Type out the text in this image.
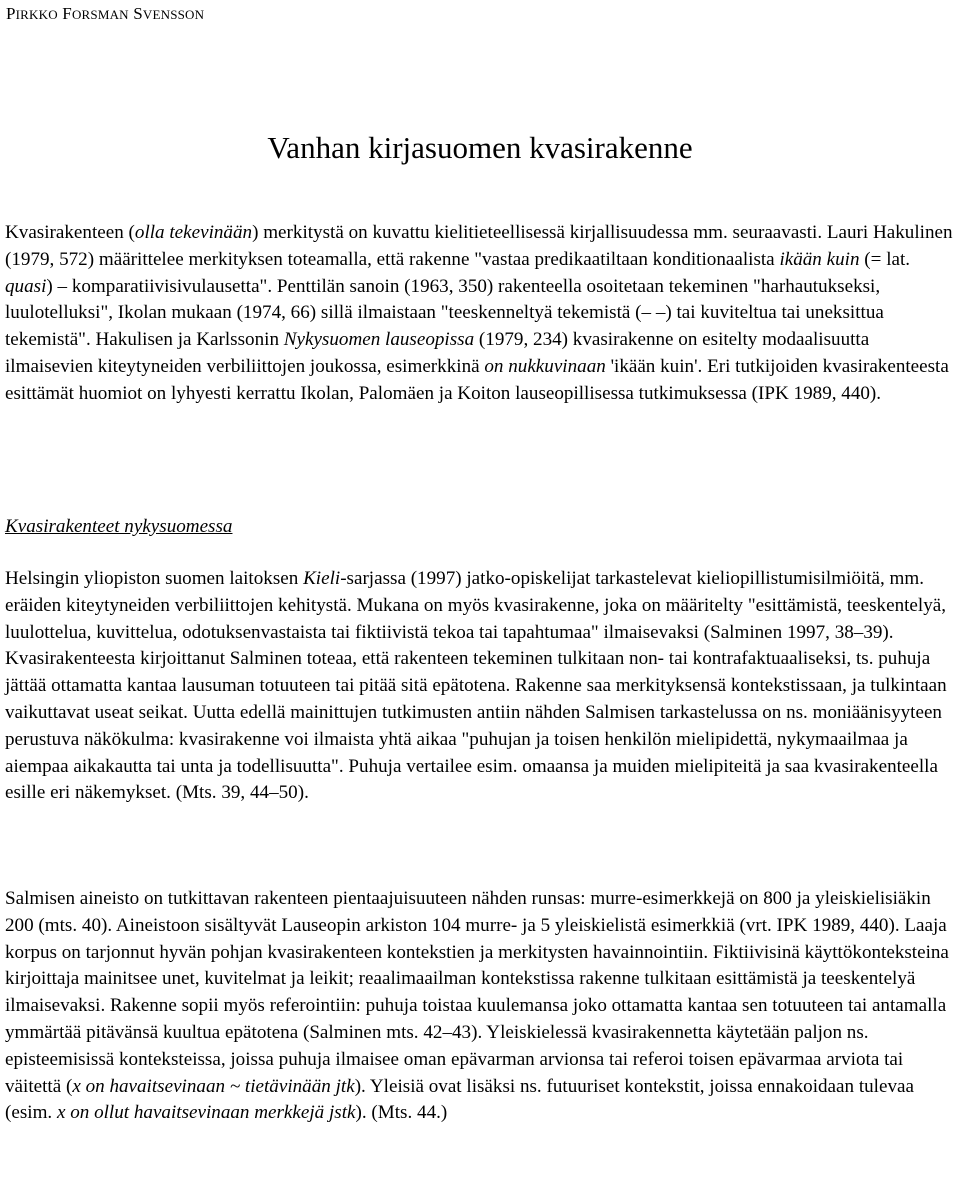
PIRKKO FORSMAN SVENSSON
Vanhan kirjasuomen kvasirakenne

Kvasirakenteen (olla tekevinään) merkitystä on kuvattu kielitieteellisessä kirjallisuudessa mm. seuraavasti. Lauri Hakulinen (1979, 572) määrittelee merkityksen toteamalla, että rakenne "vastaa predikaatiltaan konditionaalista ikään kuin (= lat. quasi) – komparatiivisivulausetta". Penttilän sanoin (1963, 350) rakenteella osoitetaan tekeminen "harhautukseksi, luulotelluksi", Ikolan mukaan (1974, 66) sillä ilmaistaan "teeskenneltyä tekemistä (– –) tai kuviteltua tai uneksittua tekemistä". Hakulisen ja Karlssonin Nykysuomen lauseopissa (1979, 234) kvasirakenne on esitelty modaalisuutta ilmaisevien kiteytyneiden verbiliittojen joukossa, esimerkkinä on nukkuvinaan 'ikään kuin'. Eri tutkijoiden kvasirakenteesta esittämät huomiot on lyhyesti kerrattu Ikolan, Palomäen ja Koiton lauseopillisessa tutkimuksessa (IPK 1989, 440).

Kvasirakenteet nykysuomessa

Helsingin yliopiston suomen laitoksen Kieli-sarjassa (1997) jatko-opiskelijat tarkastelevat kieliopillistumisilmiöitä, mm. eräiden kiteytyneiden verbiliittojen kehitystä. Mukana on myös kvasirakenne, joka on määritelty "esittämistä, teeskentelyä, luulottelua, kuvittelua, odotuksenvastaista tai fiktiivistä tekoa tai tapahtumaa" ilmaisevaksi (Salminen 1997, 38–39). Kvasirakenteesta kirjoittanut Salminen toteaa, että rakenteen tekeminen tulkitaan non- tai kontrafaktuaaliseksi, ts. puhuja jättää ottamatta kantaa lausuman totuuteen tai pitää sitä epätotena. Rakenne saa merkityksensä kontekstissaan, ja tulkintaan vaikuttavat useat seikat. Uutta edellä mainittujen tutkimusten antiin nähden Salmisen tarkastelussa on ns. moniäänisyyteen perustuva näkökulma: kvasirakenne voi ilmaista yhtä aikaa "puhujan ja toisen henkilön mielipidettä, nykymaailmaa ja aiempaa aikakautta tai unta ja todellisuutta". Puhuja vertailee esim. omaansa ja muiden mielipiteitä ja saa kvasirakenteella esille eri näkemykset. (Mts. 39, 44–50).

Salmisen aineisto on tutkittavan rakenteen pientaajuisuuteen nähden runsas: murre-esimerkkejä on 800 ja yleiskielisiäkin 200 (mts. 40). Aineistoon sisältyvät Lauseopin arkiston 104 murre- ja 5 yleiskielistä esimerkkiä (vrt. IPK 1989, 440). Laaja korpus on tarjonnut hyvän pohjan kvasirakenteen kontekstien ja merkitysten havainnointiin. Fiktiivisinä käyttökonteksteina kirjoittaja mainitsee unet, kuvitelmat ja leikit; reaalimaailman kontekstissa rakenne tulkitaan esittämistä ja teeskentelyä ilmaisevaksi. Rakenne sopii myös referointiin: puhuja toistaa kuulemansa joko ottamatta kantaa sen totuuteen tai antamalla ymmärtää pitävänsä kuultua epätotena (Salminen mts. 42–43). Yleiskielessä kvasirakennetta käytetään paljon ns. episteemisissä konteksteissa, joissa puhuja ilmaisee oman epävarman arvionsa tai referoi toisen epävarmaa arviota tai väitettä (x on havaitsevinaan ~ tietävinään jtk). Yleisiä ovat lisäksi ns. futuuriset kontekstit, joissa ennakoidaan tulevaa (esim. x on ollut havaitsevinaan merkkejä jstk). (Mts. 44.)
